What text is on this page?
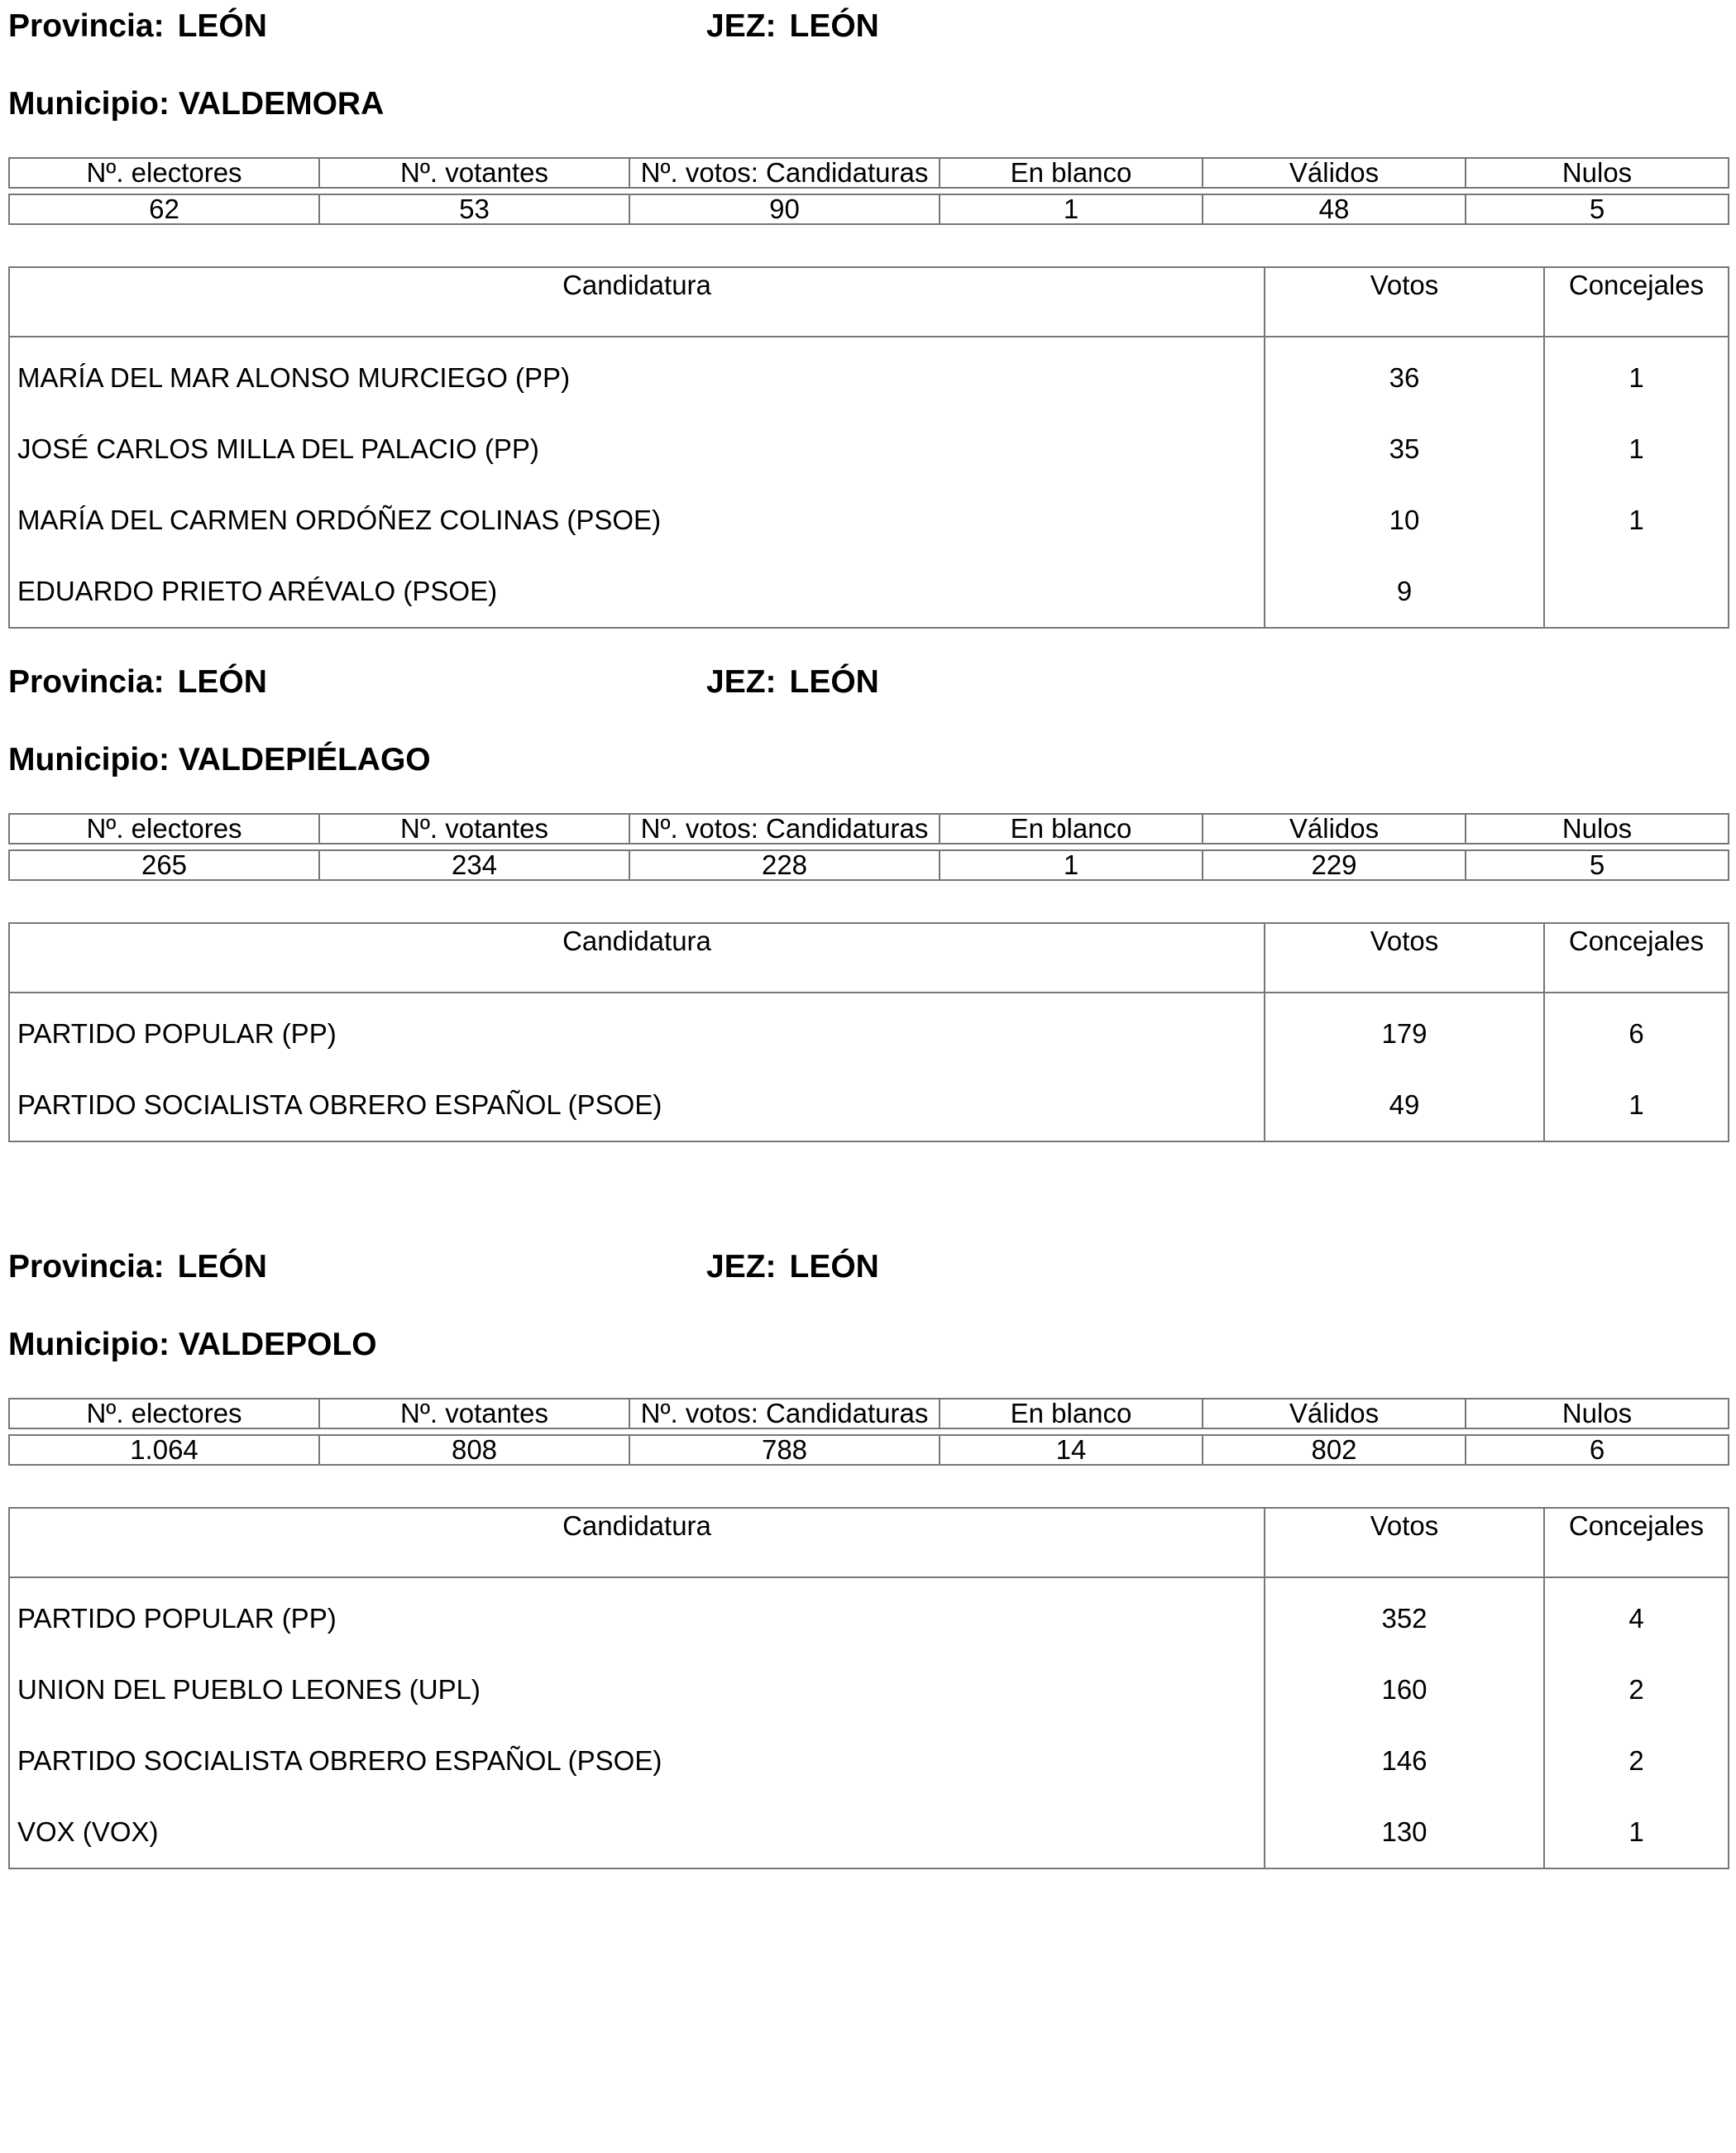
Provincia: LEÓN	JEZ: LEÓN
Municipio: VALDEMORA
Nº. electores	Nº. votantes	Nº. votos: Candidaturas	En blanco	Válidos	Nulos
62	53	90	1	48	5
Candidatura	Votos	Concejales
MARÍA DEL MAR ALONSO MURCIEGO (PP)	36	1
JOSÉ CARLOS MILLA DEL PALACIO (PP)	35	1
MARÍA DEL CARMEN ORDÓÑEZ COLINAS (PSOE)	10	1
EDUARDO PRIETO ARÉVALO (PSOE)	9	
Provincia: LEÓN	JEZ: LEÓN
Municipio: VALDEPIÉLAGO
Nº. electores	Nº. votantes	Nº. votos: Candidaturas	En blanco	Válidos	Nulos
265	234	228	1	229	5
Candidatura	Votos	Concejales
PARTIDO POPULAR (PP)	179	6
PARTIDO SOCIALISTA OBRERO ESPAÑOL (PSOE)	49	1
Provincia: LEÓN	JEZ: LEÓN
Municipio: VALDEPOLO
Nº. electores	Nº. votantes	Nº. votos: Candidaturas	En blanco	Válidos	Nulos
1.064	808	788	14	802	6
Candidatura	Votos	Concejales
PARTIDO POPULAR (PP)	352	4
UNION DEL PUEBLO LEONES (UPL)	160	2
PARTIDO SOCIALISTA OBRERO ESPAÑOL (PSOE)	146	2
VOX (VOX)	130	1
